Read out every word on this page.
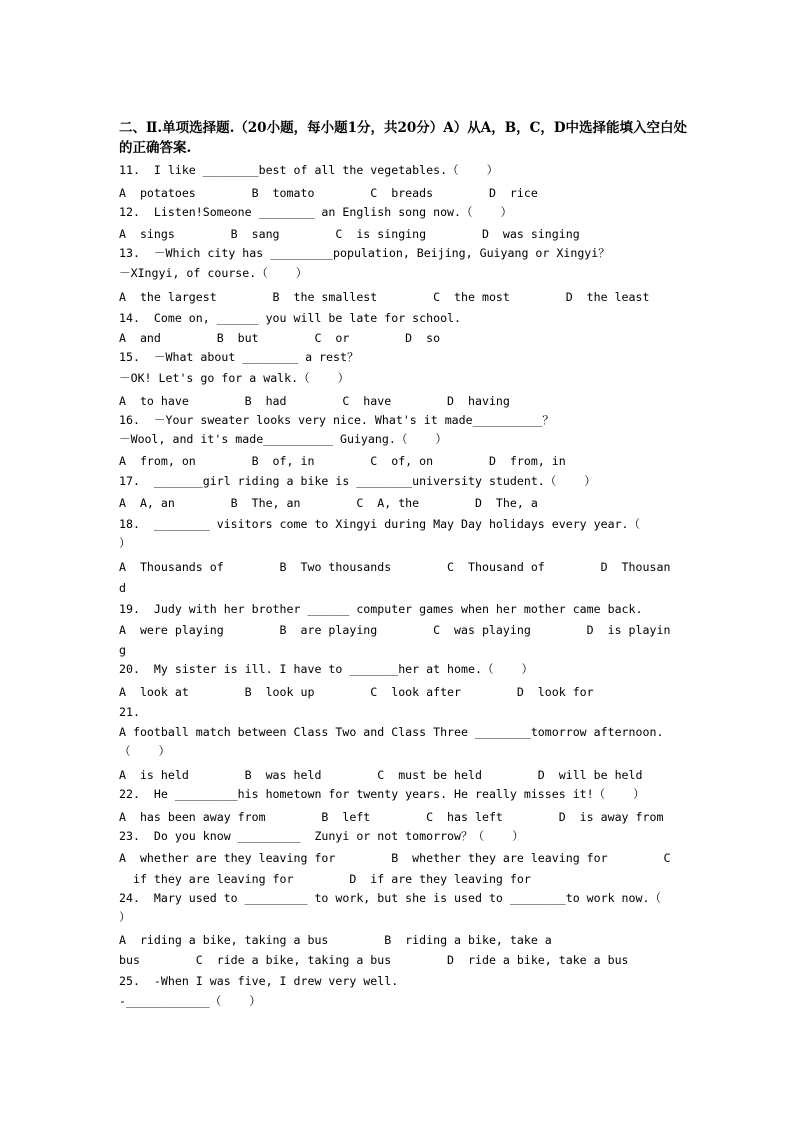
二、Ⅱ.单项选择题.（20小题，每小题1分，共20分）A）从A，B，C，D中选择能填入空白处的正确答案.
11.  I like ________best of all the vegetables.（    ）
A  potatoes        B  tomato        C  breads        D  rice
12.  Listen!Someone ________ an English song now.（    ）
A  sings        B  sang        C  is singing        D  was singing
13.  －Which city has _________population, Beijing, Guiyang or Xingyi？
－XIngyi, of course.（    ）
A  the largest        B  the smallest        C  the most        D  the least
14.  Come on, ______ you will be late for school.
A  and        B  but        C  or        D  so
15.  －What about ________ a rest？
－OK! Let's go for a walk.（    ）
A  to have        B  had        C  have        D  having
16.  －Your sweater looks very nice. What's it made__________？
－Wool, and it's made__________ Guiyang.（    ）
A  from, on        B  of, in        C  of, on        D  from, in
17.  _______girl riding a bike is ________university student.（    ）
A  A, an        B  The, an        C  A, the        D  The, a
18.  ________ visitors come to Xingyi during May Day holidays every year.（
）
A  Thousands of        B  Two thousands        C  Thousand of        D  Thousan
d
19.  Judy with her brother ______ computer games when her mother came back.
A  were playing        B  are playing        C  was playing        D  is playin
g
20.  My sister is ill. I have to _______her at home.（    ）
A  look at        B  look up        C  look after        D  look for
21.
A football match between Class Two and Class Three ________tomorrow afternoon.
（    ）
A  is held        B  was held        C  must be held        D  will be held
22.  He _________his hometown for twenty years. He really misses it!（    ）
A  has been away from        B  left        C  has left        D  is away from
23.  Do you know _________  Zunyi or not tomorrow？（    ）
A  whether are they leaving for        B  whether they are leaving for        C
if they are leaving for        D  if are they leaving for
24.  Mary used to _________ to work, but she is used to ________to work now.（
）
A  riding a bike, taking a bus        B  riding a bike, take a
bus        C  ride a bike, taking a bus        D  ride a bike, take a bus
25.  -When I was five, I drew very well.
-____________（    ）
